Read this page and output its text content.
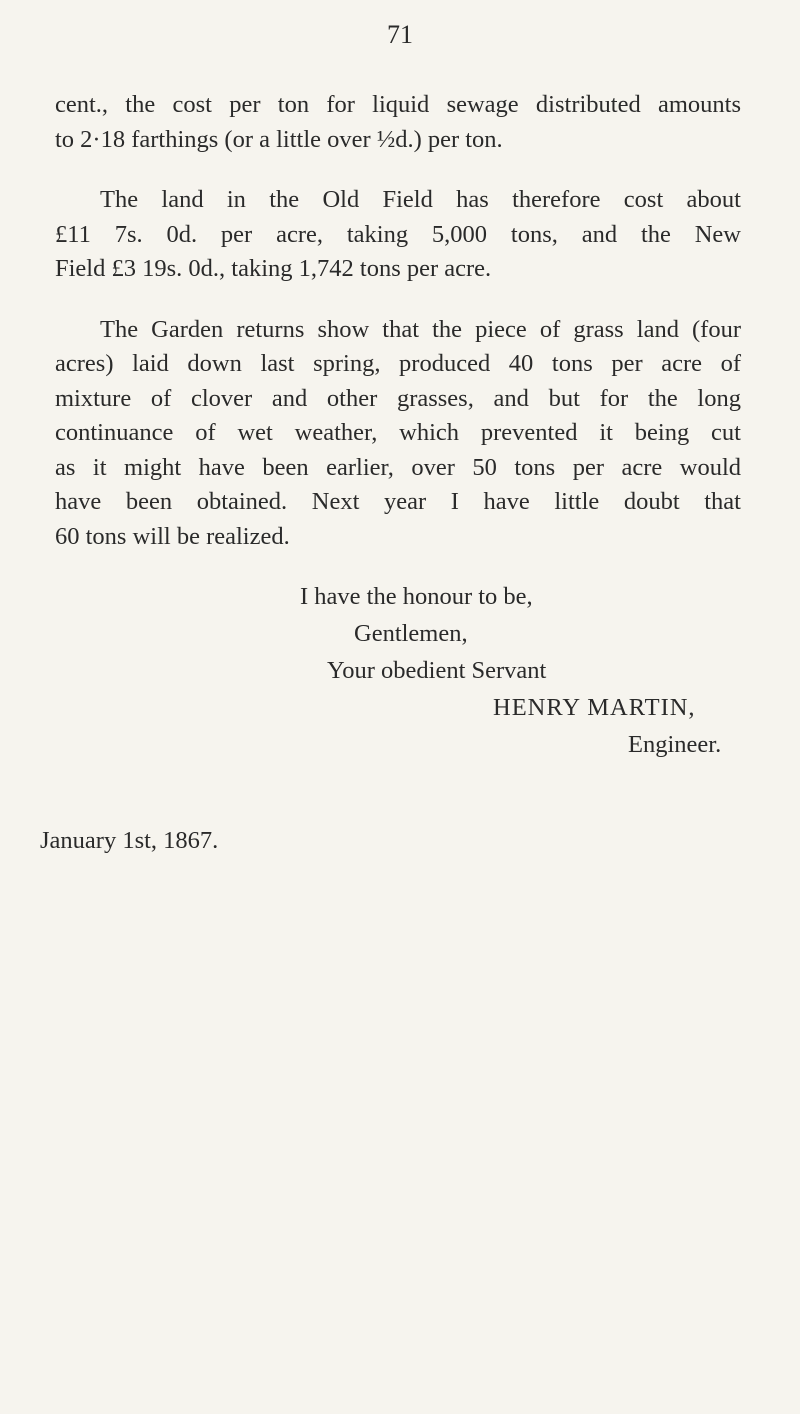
71

cent., the cost per ton for liquid sewage distributed amounts
to 2·18 farthings (or a little over ½d.) per ton.

The land in the Old Field has therefore cost about
£11 7s. 0d. per acre, taking 5,000 tons, and the New
Field £3 19s. 0d., taking 1,742 tons per acre.

The Garden returns show that the piece of grass land (four
acres) laid down last spring, produced 40 tons per acre of
mixture of clover and other grasses, and but for the long
continuance of wet weather, which prevented it being cut
as it might have been earlier, over 50 tons per acre would
have been obtained. Next year I have little doubt that
60 tons will be realized.

I have the honour to be,
Gentlemen,
Your obedient Servant
HENRY MARTIN,
Engineer.
January 1st, 1867.
